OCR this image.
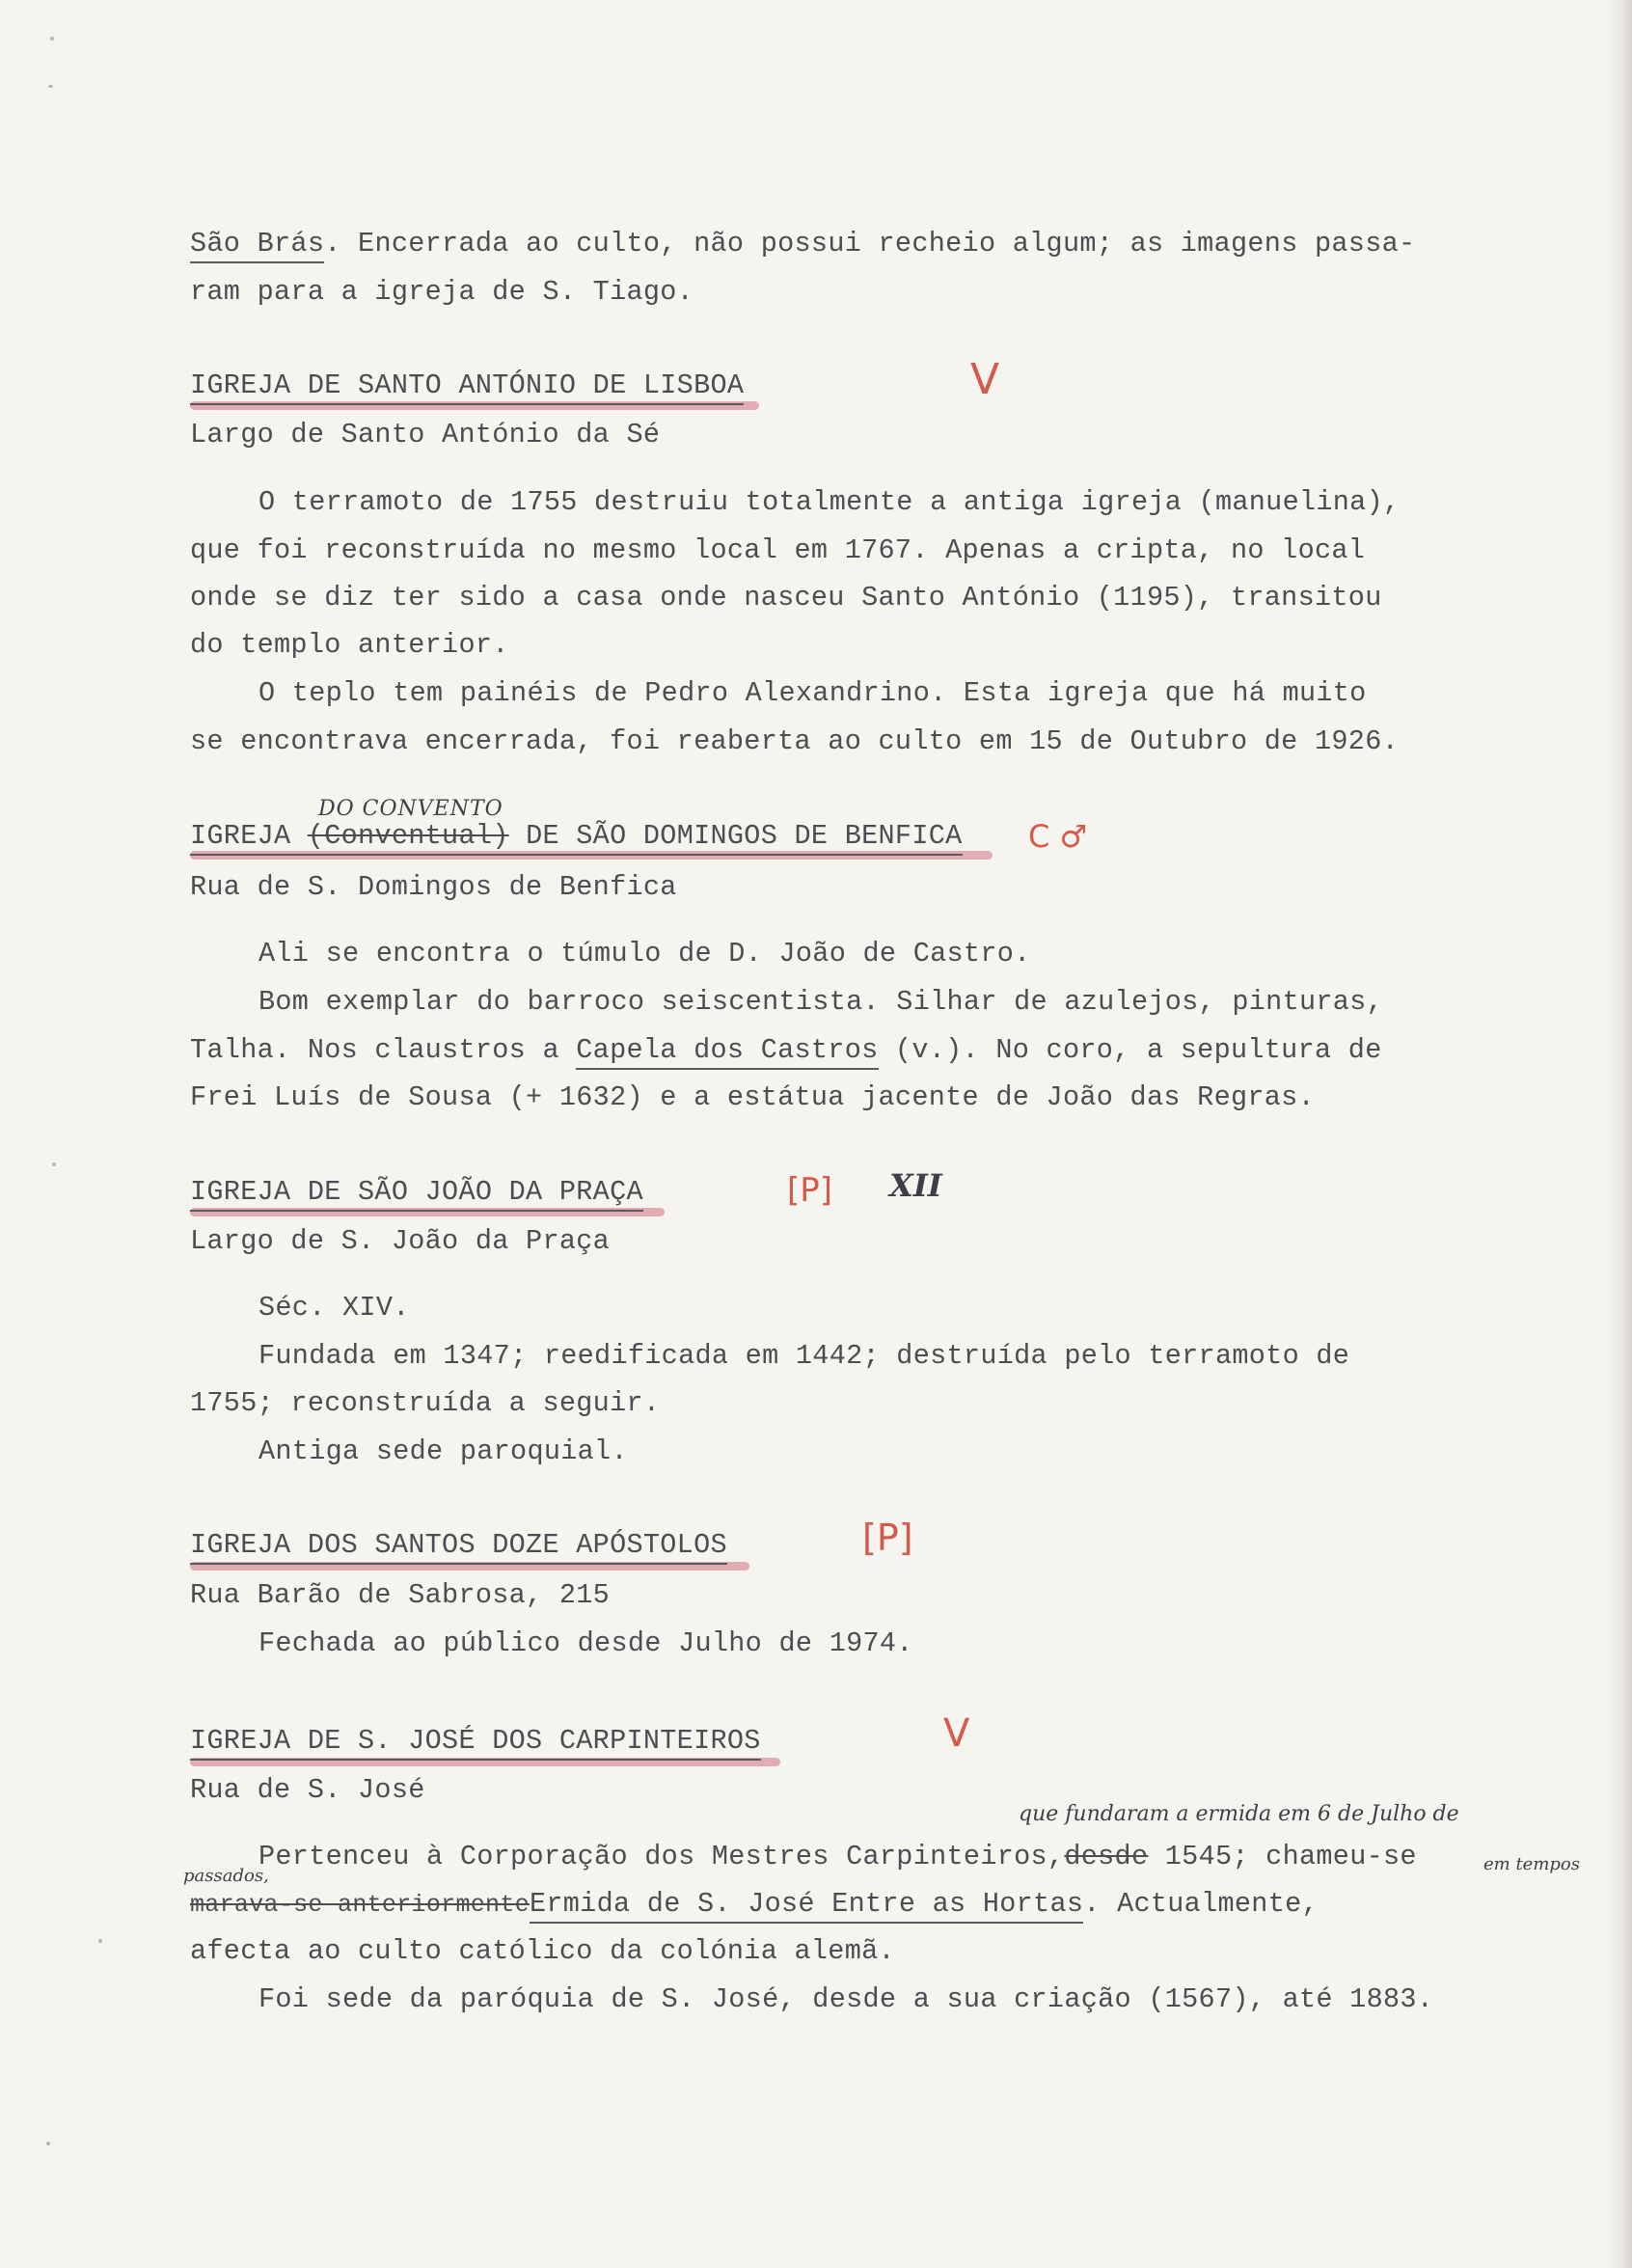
São Brás. Encerrada ao culto, não possui recheio algum; as imagens passa-
ram para a igreja de S. Tiago.
IGREJA DE SANTO ANTÓNIO DE LISBOA	V
Largo de Santo António da Sé
O terramoto de 1755 destruiu totalmente a antiga igreja (manuelina),
que foi reconstruída no mesmo local em 1767. Apenas a cripta, no local
onde se diz ter sido a casa onde nasceu Santo António (1195), transitou
do templo anterior.
O teplo tem painéis de Pedro Alexandrino. Esta igreja que há muito
se encontrava encerrada, foi reaberta ao culto em 15 de Outubro de 1926.
DO CONVENTO
IGREJA (Conventual) DE SÃO DOMINGOS DE BENFICA C ♂
Rua de S. Domingos de Benfica
Ali se encontra o túmulo de D. João de Castro.
Bom exemplar do barroco seiscentista. Silhar de azulejos, pinturas,
Talha. Nos claustros a Capela dos Castros (v.). No coro, a sepultura de
Frei Luís de Sousa (+ 1632) e a estátua jacente de João das Regras.
IGREJA DE SÃO JOÃO DA PRAÇA	[P] XII
Largo de S. João da Praça
Séc. XIV.
Fundada em 1347; reedificada em 1442; destruída pelo terramoto de
1755; reconstruída a seguir.
Antiga sede paroquial.
IGREJA DOS SANTOS DOZE APÓSTOLOS	[P]
Rua Barão de Sabrosa, 215
Fechada ao público desde Julho de 1974.
IGREJA DE S. JOSÉ DOS CARPINTEIROS	V
Rua de S. José
que fundaram a ermida em 6 de Julho de
Pertenceu à Corporação dos Mestres Carpinteiros,desde 1545; chameu-se	em tempos
passados,
marava-se anteriormenteErmida de S. José Entre as Hortas. Actualmente,
afecta ao culto católico da colónia alemã.
Foi sede da paróquia de S. José, desde a sua criação (1567), até 1883.
